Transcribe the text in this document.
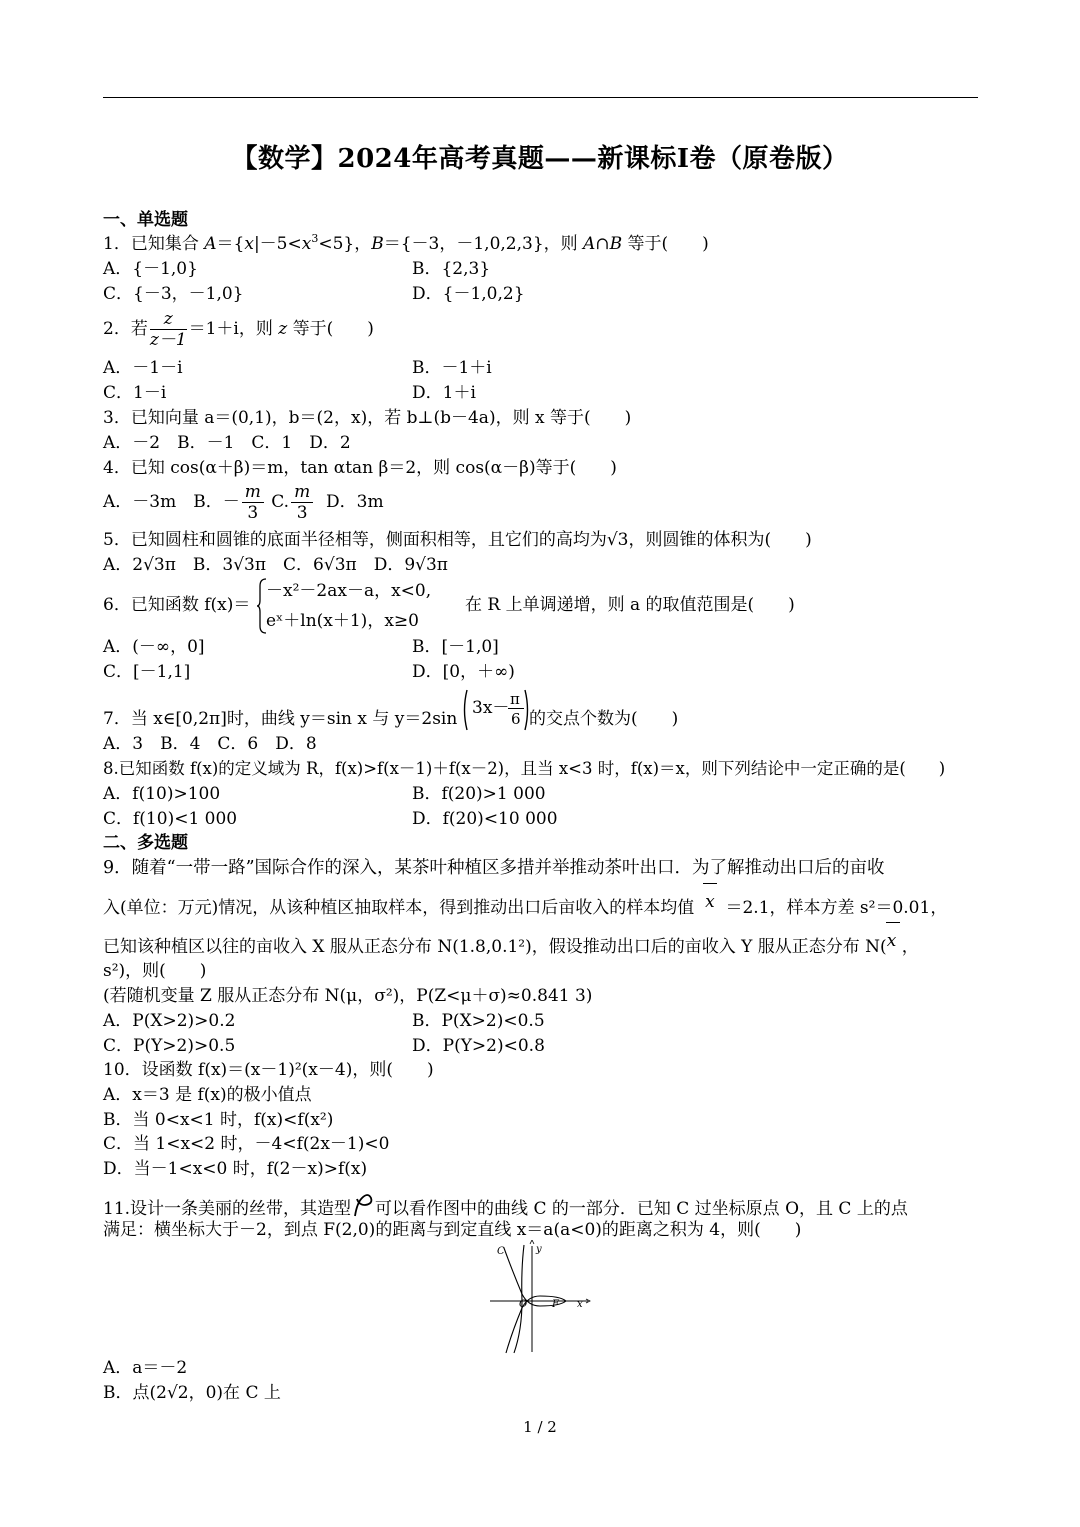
【数学】2024年高考真题——新课标Ⅰ卷（原卷版）
一、单选题
1．已知集合 $A=\{x|-5<x^3<5\}$，B＝{－3，－1,0,2,3}，则 A∩B 等于(　　)
A．{－1,0}	B．{2,3}
C．{－3，－1,0}	D．{－1,0,2}
2．若 $\frac{z}{z-1} =1+i$，则 z 等于(　　)
A．－1－i	B．－1＋i
C．1－i	D．1＋i
3．已知向量 a＝(0,1)，b＝(2，x)，若 b⊥(b－4a)，则 x 等于(　　)
A．－2　B．－1　C．1　D．2
4．已知 cos(α＋β)＝m，tan αtan β＝2，则 cos(α－β)等于(　　)
A．－3m　B．－ $\frac{m}{3} C$. $\frac{m}{3}$ D．3m
5．已知圆柱和圆锥的底面半径相等，侧面积相等，且它们的高均为√3，则圆锥的体积为(　　)
A．2√3π　B．3√3π　C．6√3π　D．9√3π
6．已知函数 f(x)＝
－x²－2ax－a，x<0,
eˣ＋ln(x＋1)，x≥0
在 R 上单调递增，则 a 的取值范围是(　　)
A．(－∞，0]	B．[－1,0]
C．[－1,1]	D．[0，＋∞)
7．当 x∈[0,2π]时，曲线 y＝sin x 与 y＝2sin
3x－ π
6 的交点个数为(　　)
A．3　B．4　C．6　D．8
8.已知函数 f(x)的定义域为 R，f(x)>f(x－1)＋f(x－2)，且当 x<3 时，f(x)＝x，则下列结论中一定正确的是(　　)
A．f(10)>100	B．f(20)>1 000
C．f(10)<1 000	D．f(20)<10 000
二、多选题
9．随着“一带一路”国际合作的深入，某茶叶种植区多措并举推动茶叶出口．为了解推动出口后的亩收
入(单位：万元)情况，从该种植区抽取样本，得到推动出口后亩收入的样本均值 x ＝2.1，样本方差 s²＝0.01，
已知该种植区以往的亩收入 X 服从正态分布 N(1.8,0.1²)，假设推动出口后的亩收入 Y 服从正态分布 N(
x ，
s²)，则(　　)
(若随机变量 Z 服从正态分布 N(μ，σ²)，P(Z<μ＋σ)≈0.841 3)
A．P(X>2)>0.2	B．P(X>2)<0.5
C．P(Y>2)>0.5	D．P(Y>2)<0.8
10．设函数 f(x)＝(x－1)²(x－4)，则(　　)
A．x＝3 是 f(x)的极小值点
B．当 0<x<1 时，f(x)<f(x²)
C．当 1<x<2 时，－4<f(2x－1)<0
D．当－1<x<0 时，f(2－x)>f(x)
11.设计一条美丽的丝带，其造型 可以看作图中的曲线 C 的一部分．已知 C 过坐标原点 O，且 C 上的点
满足：横坐标大于－2，到点 F(2,0)的距离与到定直线 x＝a(a<0)的距离之积为 4，则(　　)
C	y
O F x
A．a＝－2
B．点(2√2，0)在 C 上
1 / 2
